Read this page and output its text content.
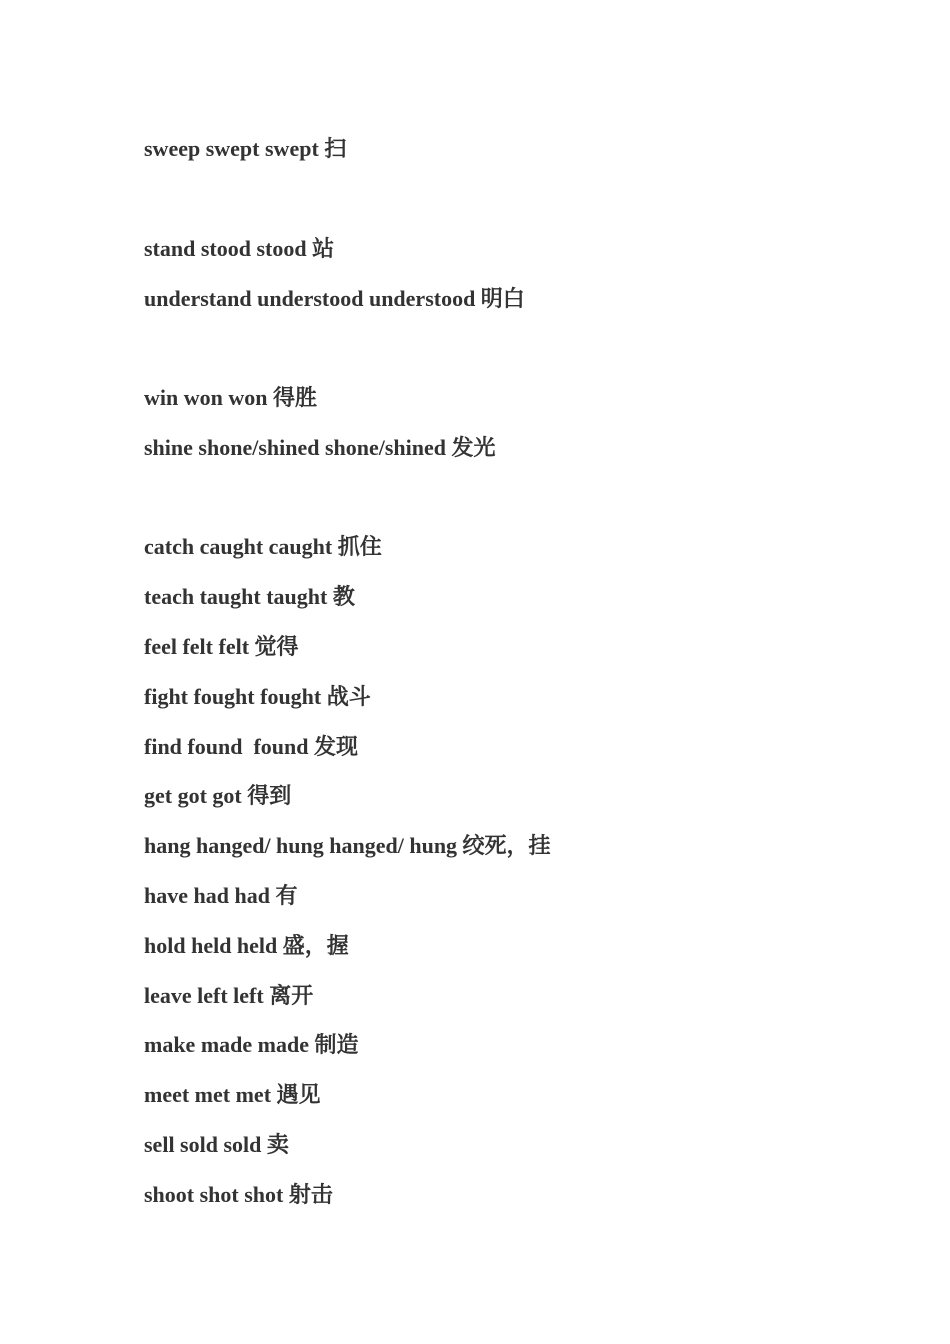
sweep swept swept 扫

stand stood stood 站

understand understood understood 明白

win won won 得胜

shine shone/shined shone/shined 发光

catch caught caught 抓住

teach taught taught 教

feel felt felt 觉得

fight fought fought 战斗

find found  found 发现

get got got 得到

hang hanged/ hung hanged/ hung 绞死，挂

have had had 有

hold held held 盛，握

leave left left 离开

make made made 制造

meet met met 遇见

sell sold sold 卖

shoot shot shot 射击
